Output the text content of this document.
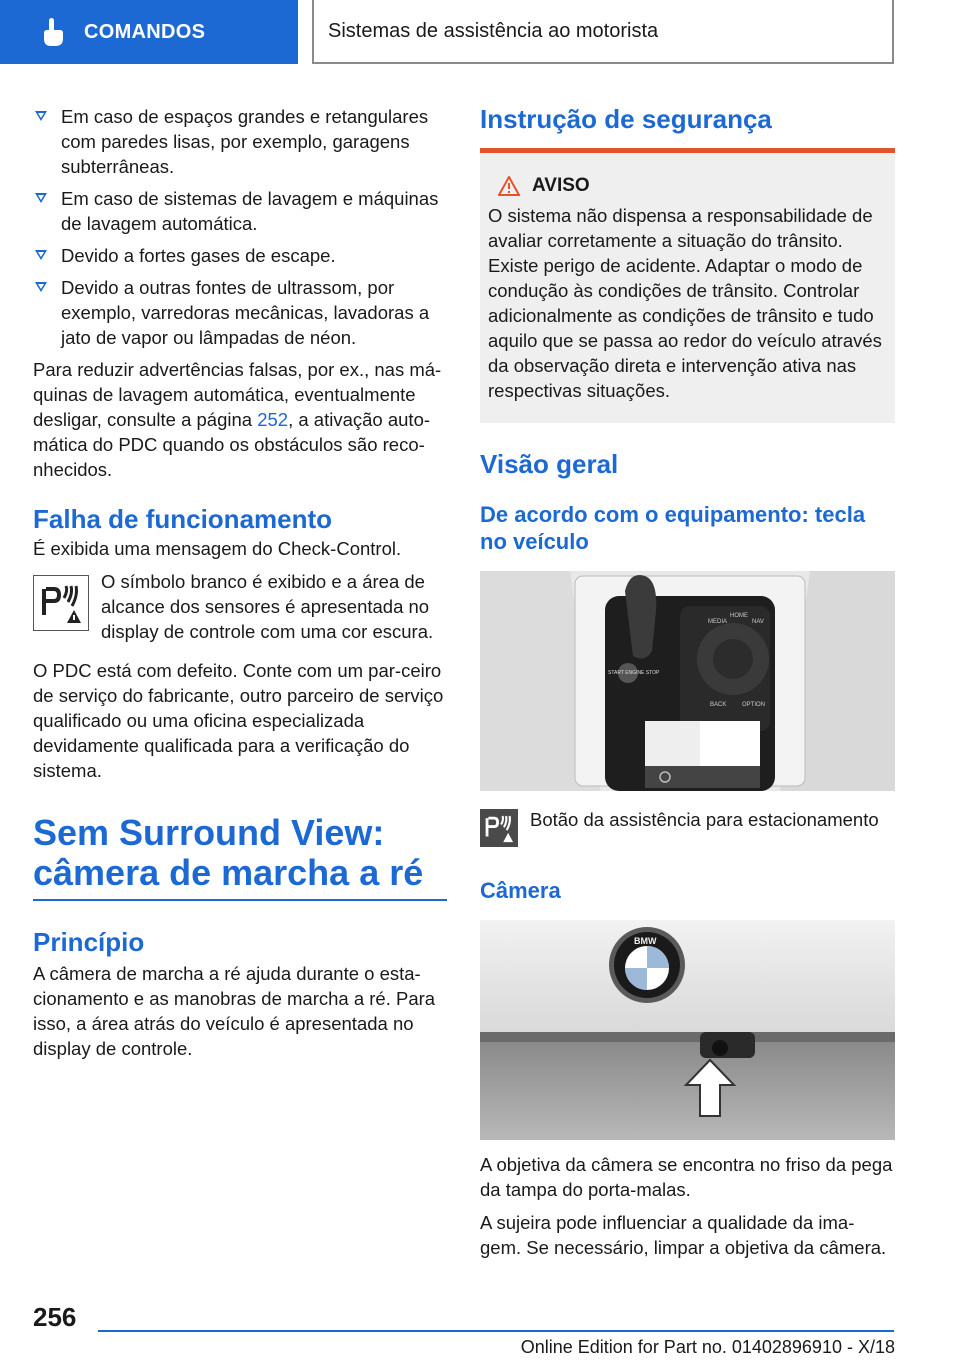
COMANDOS	Sistemas de assistência ao motorista
Em caso de espaços grandes e retangulares com paredes lisas, por exemplo, garagens subterrâneas.
Em caso de sistemas de lavagem e máquinas de lavagem automática.
Devido a fortes gases de escape.
Devido a outras fontes de ultrassom, por exemplo, varredoras mecânicas, lavadoras a jato de vapor ou lâmpadas de néon.

Para reduzir advertências falsas, por ex., nas má‐quinas de lavagem automática, eventualmente desligar, consulte a página 252, a ativação auto‐mática do PDC quando os obstáculos são reco‐nhecidos.

Falha de funcionamento

É exibida uma mensagem do Check-Control.

O símbolo branco é exibido e a área de alcance dos sensores é apresentada no display de controle com uma cor escura.

O PDC está com defeito. Conte com um par‐ceiro de serviço do fabricante, outro parceiro de serviço qualificado ou uma oficina especializada devidamente qualificada para a verificação do sistema.

Sem Surround View: câmera de marcha a ré
Princípio

A câmera de marcha a ré ajuda durante o esta‐cionamento e as manobras de marcha a ré. Para isso, a área atrás do veículo é apresentada no display de controle.

Instrução de segurança
AVISO

O sistema não dispensa a responsabilidade de avaliar corretamente a situação do trânsito. Existe perigo de acidente. Adaptar o modo de condução às condições de trânsito. Controlar adicionalmente as condições de trânsito e tudo aquilo que se passa ao redor do veículo através da observação direta e intervenção ativa nas respectivas situações.

Visão geral
De acordo com o equipamento: tecla no veículo
MEDIA
HOME
NAV
BACK	OPTION
START ENGINE STOP

Botão da assistência para estacionamento

Câmera
BMW

A objetiva da câmera se encontra no friso da pega da tampa do porta-malas.

A sujeira pode influenciar a qualidade da ima‐gem. Se necessário, limpar a objetiva da câmera.

256
Online Edition for Part no. 01402896910 - X/18
